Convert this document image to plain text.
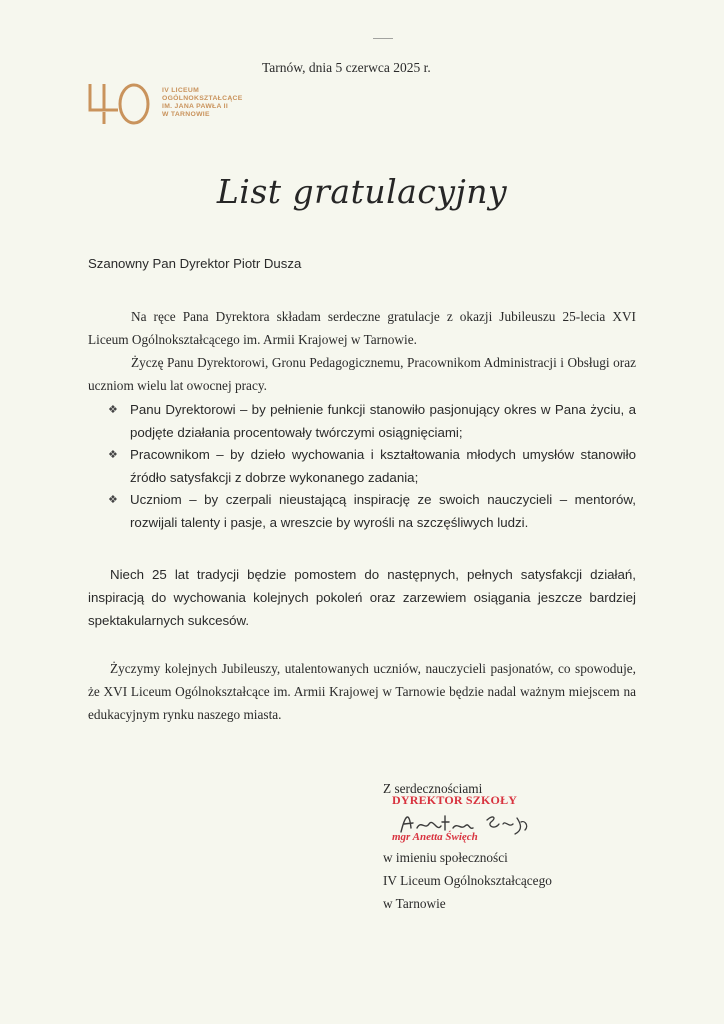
IV LICEUM
OGÓLNOKSZTAŁCĄCE
IM. JANA PAWŁA II
W TARNOWIE
Tarnów, dnia 5 czerwca 2025 r.
List gratulacyjny
Szanowny Pan Dyrektor Piotr Dusza
Na ręce Pana Dyrektora składam serdeczne gratulacje z okazji Jubileuszu 25-lecia XVI Liceum Ogólnokształcącego im. Armii Krajowej w Tarnowie.
Życzę Panu Dyrektorowi, Gronu Pedagogicznemu, Pracownikom Administracji i Obsługi oraz uczniom wielu lat owocnej pracy.
❖ Panu Dyrektorowi – by pełnienie funkcji stanowiło pasjonujący okres w Pana życiu, a podjęte działania procentowały twórczymi osiągnięciami;
❖ Pracownikom – by dzieło wychowania i kształtowania młodych umysłów stanowiło źródło satysfakcji z dobrze wykonanego zadania;
❖ Uczniom – by czerpali nieustającą inspirację ze swoich nauczycieli – mentorów, rozwijali talenty i pasje, a wreszcie by wyrośli na szczęśliwych ludzi.
Niech 25 lat tradycji będzie pomostem do następnych, pełnych satysfakcji działań, inspiracją do wychowania kolejnych pokoleń oraz zarzewiem osiągania jeszcze bardziej spektakularnych sukcesów.
Życzymy kolejnych Jubileuszy, utalentowanych uczniów, nauczycieli pasjonatów, co spowoduje, że XVI Liceum Ogólnokształcące im. Armii Krajowej w Tarnowie będzie nadal ważnym miejscem na edukacyjnym rynku naszego miasta.
Z serdecznościami
DYREKTOR SZKOŁY
mgr Anetta Święch
w imieniu społeczności
IV Liceum Ogólnokształcącego
w Tarnowie
